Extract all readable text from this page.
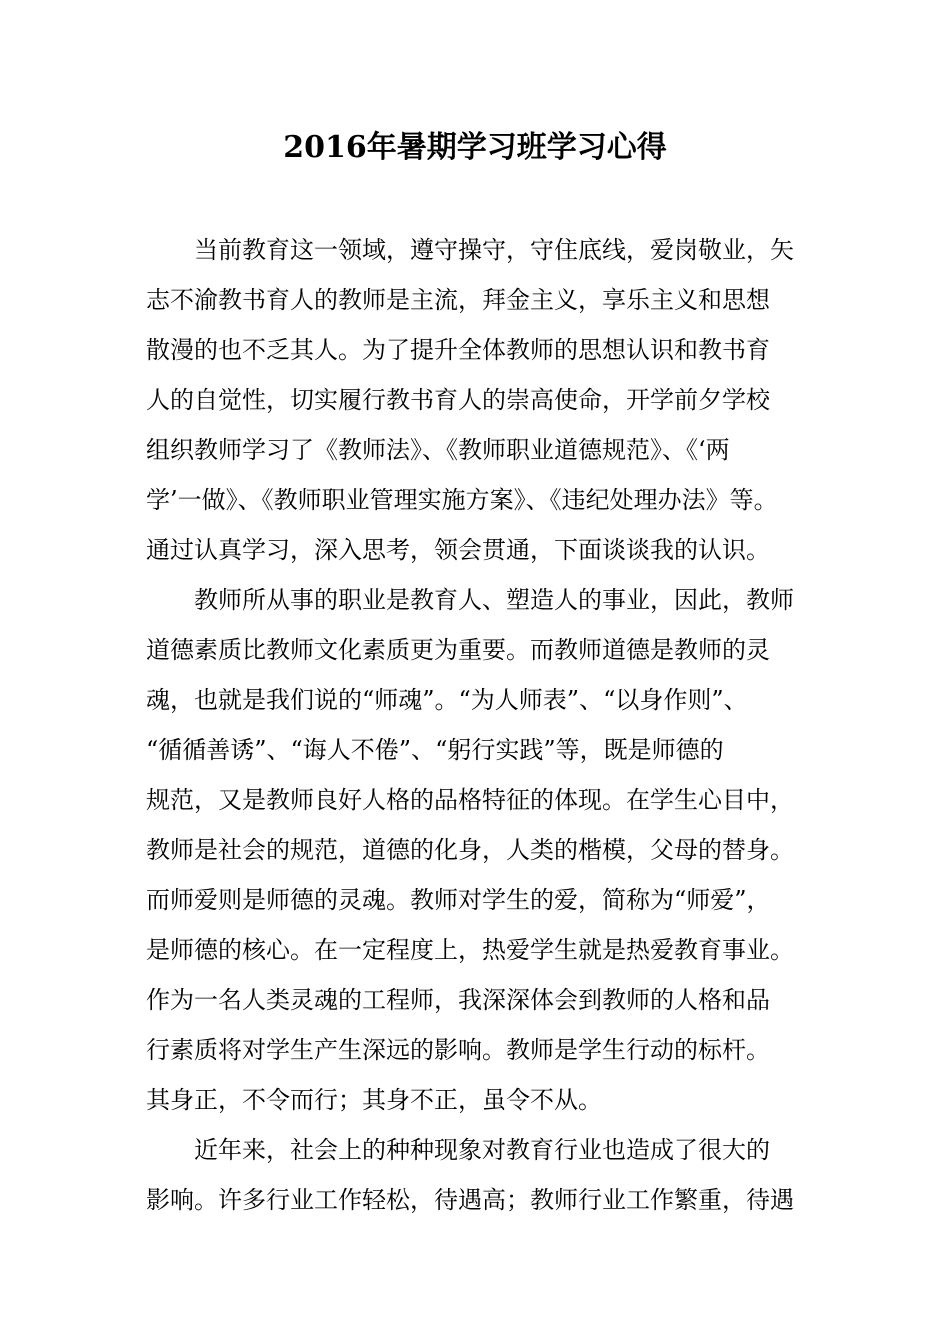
2016年暑期学习班学习心得
当前教育这一领域，遵守操守，守住底线，爱岗敬业，矢
志不渝教书育人的教师是主流，拜金主义，享乐主义和思想
散漫的也不乏其人。为了提升全体教师的思想认识和教书育
人的自觉性，切实履行教书育人的崇高使命，开学前夕学校
组织教师学习了《教师法》、《教师职业道德规范》、《‘两
学’一做》、《教师职业管理实施方案》、《违纪处理办法》等。
通过认真学习，深入思考，领会贯通，下面谈谈我的认识。
教师所从事的职业是教育人、塑造人的事业，因此，教师
道德素质比教师文化素质更为重要。而教师道德是教师的灵
魂，也就是我们说的“师魂”。“为人师表”、“以身作则”、
“循循善诱”、“诲人不倦”、“躬行实践”等，既是师德的
规范，又是教师良好人格的品格特征的体现。在学生心目中，
教师是社会的规范，道德的化身，人类的楷模，父母的替身。
而师爱则是师德的灵魂。教师对学生的爱，简称为“师爱”，
是师德的核心。在一定程度上，热爱学生就是热爱教育事业。
作为一名人类灵魂的工程师，我深深体会到教师的人格和品
行素质将对学生产生深远的影响。教师是学生行动的标杆。
其身正，不令而行；其身不正，虽令不从。
近年来，社会上的种种现象对教育行业也造成了很大的
影响。许多行业工作轻松，待遇高；教师行业工作繁重，待遇
